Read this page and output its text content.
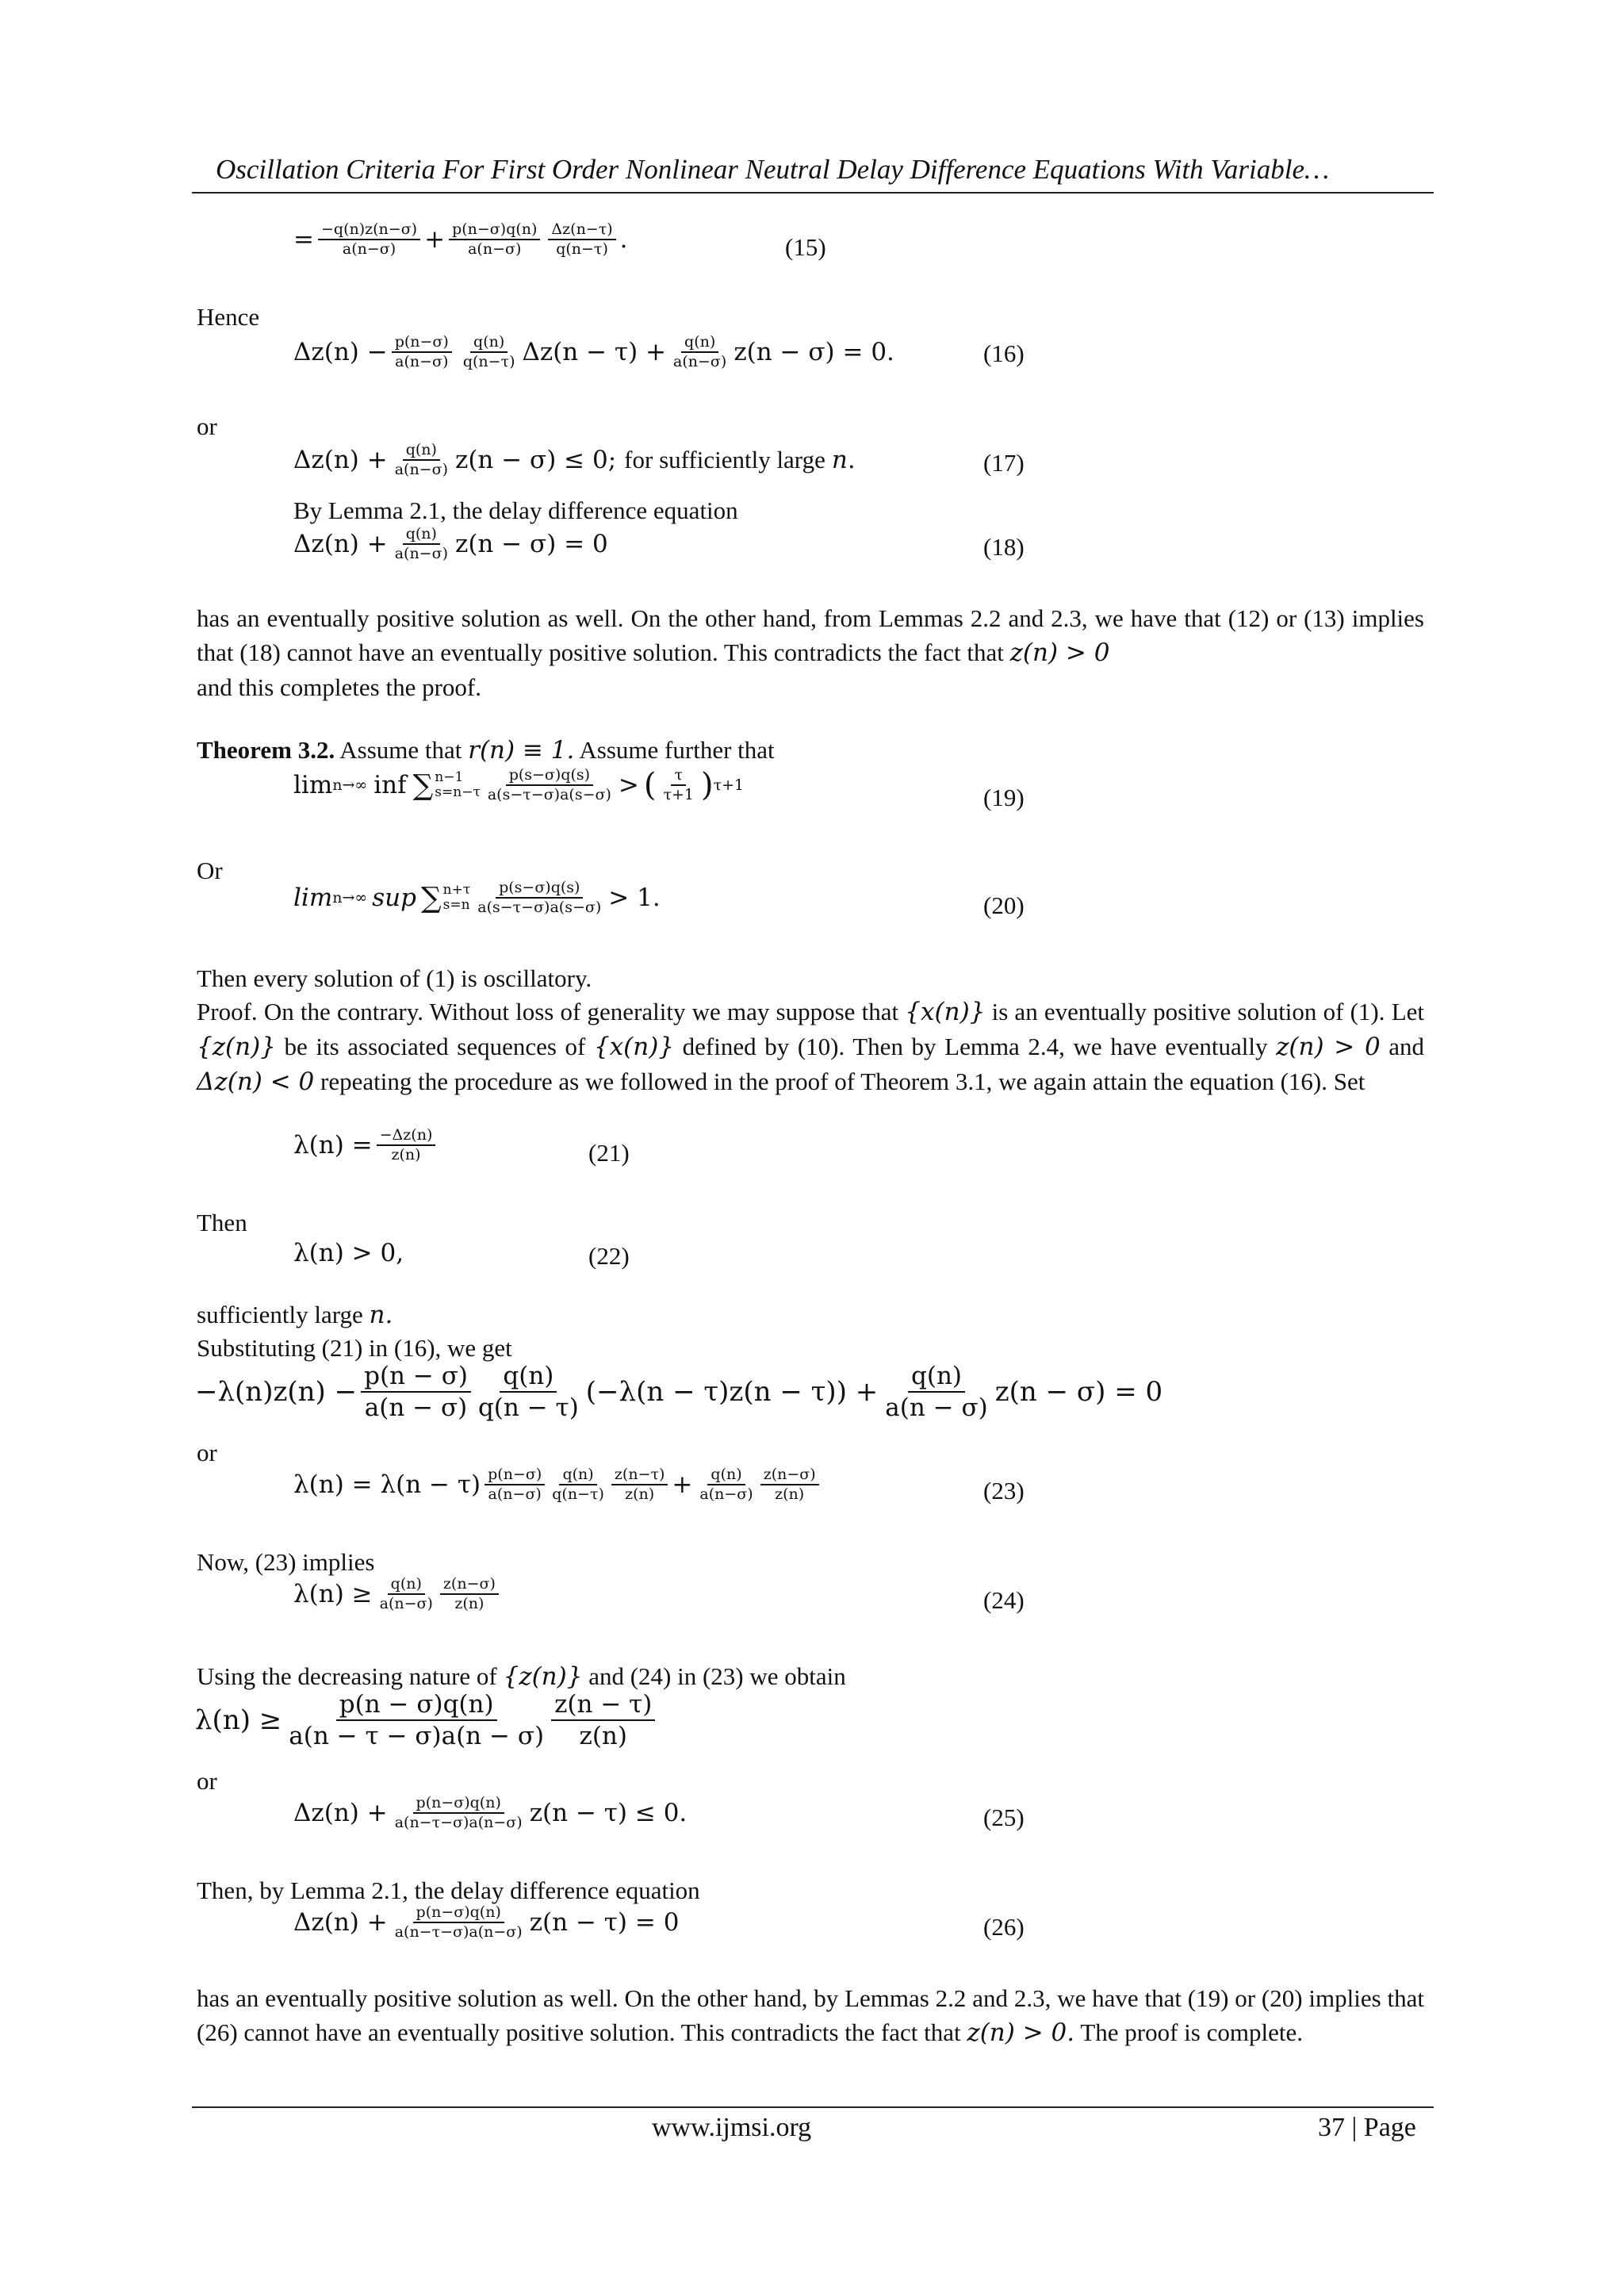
Oscillation Criteria For First Order Nonlinear Neutral Delay Difference Equations With Variable…
= $\frac{-q(n)z(n-\sigma)}{a(n-\sigma)} + \frac{p(n-\sigma)q(n)}{a(n-\sigma)} \frac{\Delta z(n-\tau)}{q(n-\tau)}$ .	(15)
Hence
$\Delta z(n) - \frac{p(n-\sigma)}{a(n-\sigma)} \frac{q(n)}{q(n-\tau)} \Delta z(n - \tau) + \frac{q(n)}{a(n-\sigma)} z(n - \sigma) = 0$.	(16)
or
$\Delta z(n) + \frac{q(n)}{a(n-\sigma)} z(n - \sigma) \le 0$; for sufficiently large n .	(17)
By Lemma 2.1, the delay difference equation
$\Delta z(n) + \frac{q(n)}{a(n-\sigma)} z(n - \sigma) = 0$	(18)
has an eventually positive solution as well. On the other hand, from Lemmas 2.2 and 2.3, we have that (12) or (13) implies that (18) cannot have an eventually positive solution. This contradicts the fact that z(n) > 0
and this completes the proof.
Theorem 3.2. Assume that r(n) ≡ 1. Assume further that
lim n→∞ inf ∑ n−1
$s=n-\tau \frac{p(s-\sigma)q(s)}{a(s-\tau-\sigma)a(s-\sigma)}$ > ( $\frac{\tau}{\tau+1}$ ) τ+1	(19)
Or
lim n→∞ sup ∑ n+τ
$s=n \frac{p(s-\sigma)q(s)}{a(s-\tau-\sigma)a(s-\sigma)} > 1$.	(20)
Then every solution of (1) is oscillatory.
Proof. On the contrary. Without loss of generality we may suppose that {x(n)} is an eventually positive solution of (1). Let {z(n)} be its associated sequences of {x(n)} defined by (10). Then by Lemma 2.4, we have eventually z(n) > 0 and Δz(n) < 0 repeating the procedure as we followed in the proof of Theorem 3.1, we again attain the equation (16). Set
$\lambda(n) = \frac{-\Delta z(n)}{z(n)}$	(21)
Then
λ(n) > 0,	(22)
sufficiently large n.
Substituting (21) in (16), we get
$-\lambda(n)z(n) - \frac{p(n - \sigma)}{a(n - \sigma)} \frac{q(n)}{q(n - \tau)} (-\lambda(n - \tau)z(n - \tau)) + \frac{q(n)}{a(n - \sigma)} z(n - \sigma) = 0$
or
$\lambda(n) = \lambda(n - \tau) \frac{p(n-\sigma)}{a(n-\sigma)} \frac{q(n)}{q(n-\tau)} \frac{z(n-\tau)}{z(n)} + \frac{q(n)}{a(n-\sigma)} \frac{z(n-\sigma)}{z(n)}$	(23)
Now, (23) implies
$\lambda(n) \ge \frac{q(n)}{a(n-\sigma)} \frac{z(n-\sigma)}{z(n)}$	(24)
Using the decreasing nature of {z(n)} and (24) in (23) we obtain
$\lambda(n) \ge \frac{p(n - \sigma)q(n)}{a(n - \tau - \sigma)a(n - \sigma)} \frac{z(n - \tau)}{z(n)}$
or
$\Delta z(n) + \frac{p(n-\sigma)q(n)}{a(n-\tau-\sigma)a(n-\sigma)} z(n - \tau) \le 0$.	(25)
Then, by Lemma 2.1, the delay difference equation
$\Delta z(n) + \frac{p(n-\sigma)q(n)}{a(n-\tau-\sigma)a(n-\sigma)} z(n - \tau) = 0$	(26)
has an eventually positive solution as well. On the other hand, by Lemmas 2.2 and 2.3, we have that (19) or (20) implies that (26) cannot have an eventually positive solution. This contradicts the fact that z(n) > 0. The proof is complete.
www.ijmsi.org	37 | Page
